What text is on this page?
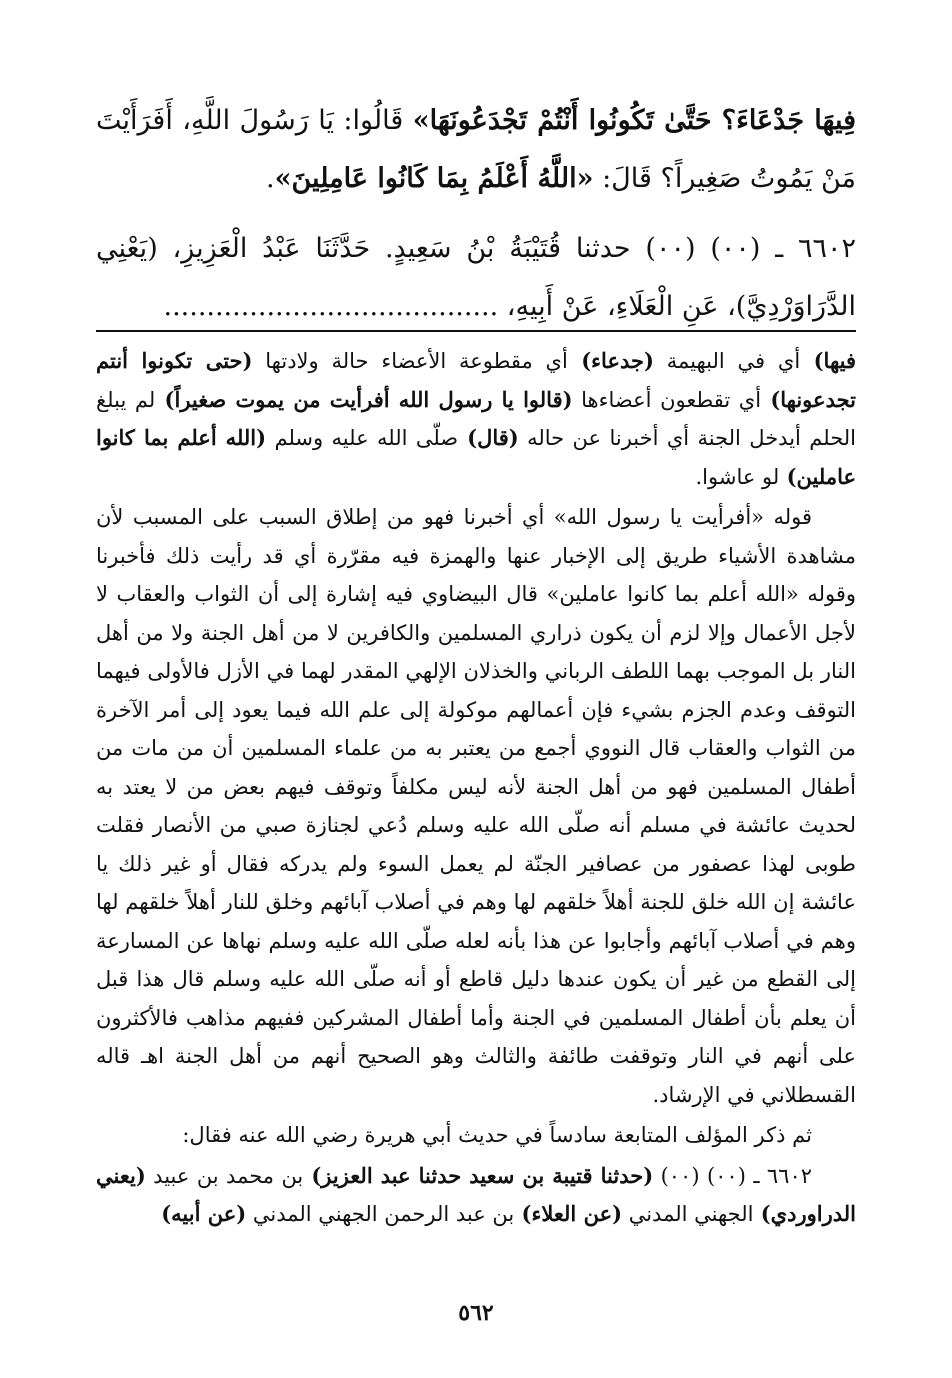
فِيهَا جَدْعَاءَ؟ حَتَّىٰ تَكُونُوا أَنْتُمْ تَجْدَعُونَهَا» قَالُوا: يَا رَسُولَ اللَّهِ، أَفَرَأَيْتَ مَنْ يَمُوتُ صَغِيراً؟ قَالَ: «اللَّهُ أَعْلَمُ بِمَا كَانُوا عَامِلِينَ».

٦٦٠٢ ـ (٠٠) (٠٠) حدثنا قُتَيْبَةُ بْنُ سَعِيدٍ. حَدَّثَنَا عَبْدُ الْعَزِيزِ، (يَعْنِي الدَّرَاوَرْدِيَّ)، عَنِ الْعَلَاءِ، عَنْ أَبِيهِ، .......................................

فيها) أي في البهيمة (جدعاء) أي مقطوعة الأعضاء حالة ولادتها (حتى تكونوا أنتم تجدعونها) أي تقطعون أعضاءها (قالوا يا رسول الله أفرأيت من يموت صغيراً) لم يبلغ الحلم أيدخل الجنة أي أخبرنا عن حاله (قال) صلّى الله عليه وسلم (الله أعلم بما كانوا عاملين) لو عاشوا.

قوله «أفرأيت يا رسول الله» أي أخبرنا فهو من إطلاق السبب على المسبب لأن مشاهدة الأشياء طريق إلى الإخبار عنها والهمزة فيه مقرّرة أي قد رأيت ذلك فأخبرنا وقوله «الله أعلم بما كانوا عاملين» قال البيضاوي فيه إشارة إلى أن الثواب والعقاب لا لأجل الأعمال وإلا لزم أن يكون ذراري المسلمين والكافرين لا من أهل الجنة ولا من أهل النار بل الموجب بهما اللطف الرباني والخذلان الإلهي المقدر لهما في الأزل فالأولى فيهما التوقف وعدم الجزم بشيء فإن أعمالهم موكولة إلى علم الله فيما يعود إلى أمر الآخرة من الثواب والعقاب قال النووي أجمع من يعتبر به من علماء المسلمين أن من مات من أطفال المسلمين فهو من أهل الجنة لأنه ليس مكلفاً وتوقف فيهم بعض من لا يعتد به لحديث عائشة في مسلم أنه صلّى الله عليه وسلم دُعي لجنازة صبي من الأنصار فقلت طوبى لهذا عصفور من عصافير الجنّة لم يعمل السوء ولم يدركه فقال أو غير ذلك يا عائشة إن الله خلق للجنة أهلاً خلقهم لها وهم في أصلاب آبائهم وخلق للنار أهلاً خلقهم لها وهم في أصلاب آبائهم وأجابوا عن هذا بأنه لعله صلّى الله عليه وسلم نهاها عن المسارعة إلى القطع من غير أن يكون عندها دليل قاطع أو أنه صلّى الله عليه وسلم قال هذا قبل أن يعلم بأن أطفال المسلمين في الجنة وأما أطفال المشركين ففيهم مذاهب فالأكثرون على أنهم في النار وتوقفت طائفة والثالث وهو الصحيح أنهم من أهل الجنة اهـ قاله القسطلاني في الإرشاد.

ثم ذكر المؤلف المتابعة سادساً في حديث أبي هريرة رضي الله عنه فقال:

٦٦٠٢ ـ (٠٠) (٠٠) (حدثنا قتيبة بن سعيد حدثنا عبد العزيز) بن محمد بن عبيد (يعني الدراوردي) الجهني المدني (عن العلاء) بن عبد الرحمن الجهني المدني (عن أبيه)

٥٦٢
